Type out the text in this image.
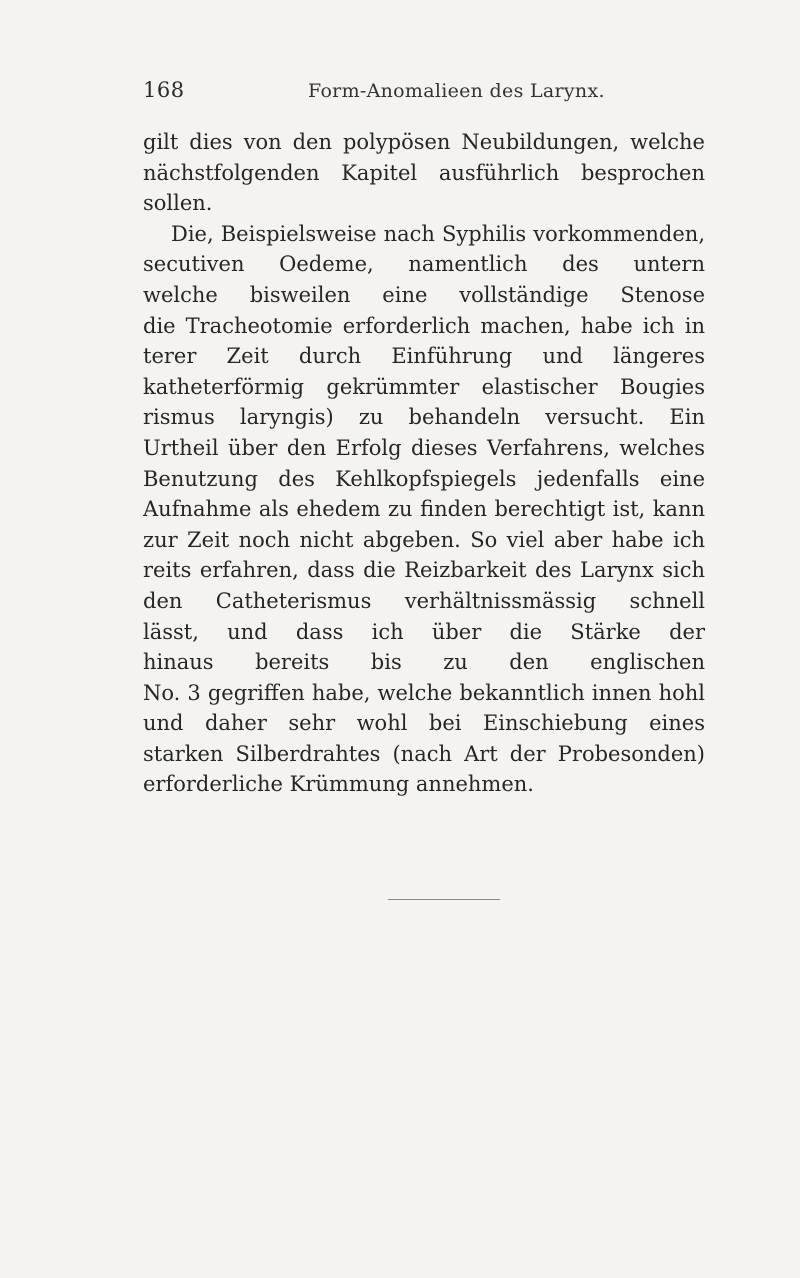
168	Form-Anomalieen des Larynx.
gilt dies von den polypösen Neubildungen, welche
nächstfolgenden Kapitel ausführlich besprochen
sollen.
Die, Beispielsweise nach Syphilis vorkommenden,
secutiven Oedeme, namentlich des untern
welche bisweilen eine vollständige Stenose
die Tracheotomie erforderlich machen, habe ich in
terer Zeit durch Einführung und längeres
katheterförmig gekrümmter elastischer Bougies
rismus laryngis) zu behandeln versucht. Ein
Urtheil über den Erfolg dieses Verfahrens, welches
Benutzung des Kehlkopfspiegels jedenfalls eine
Aufnahme als ehedem zu finden berechtigt ist, kann
zur Zeit noch nicht abgeben. So viel aber habe ich
reits erfahren, dass die Reizbarkeit des Larynx sich
den Catheterismus verhältnissmässig schnell
lässt, und dass ich über die Stärke der
hinaus bereits bis zu den englischen
No. 3 gegriffen habe, welche bekanntlich innen hohl
und daher sehr wohl bei Einschiebung eines
starken Silberdrahtes (nach Art der Probesonden)
erforderliche Krümmung annehmen.
